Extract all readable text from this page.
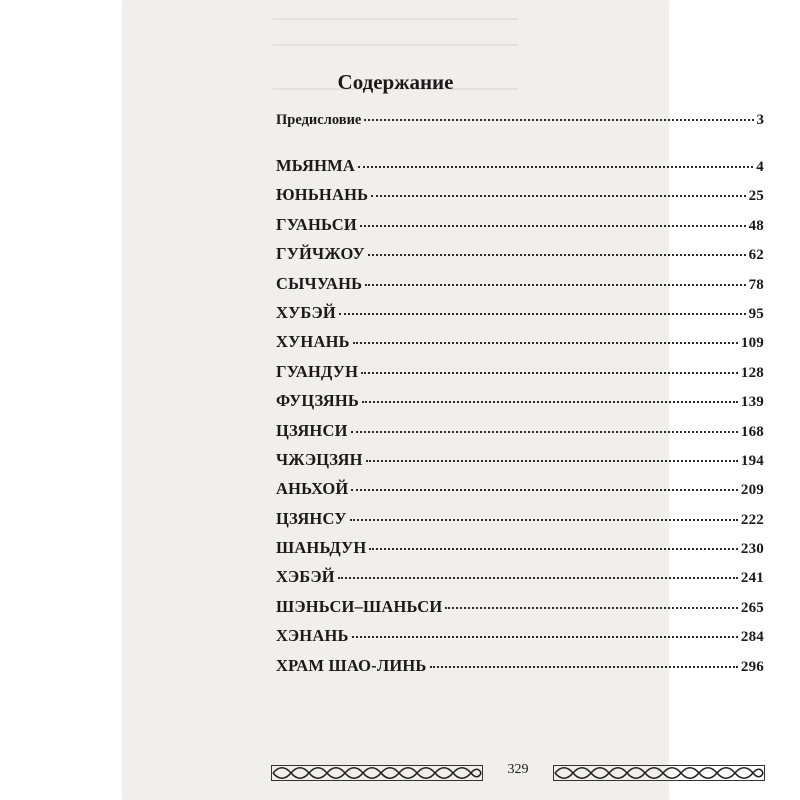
Содержание
Предисловие	3
МЬЯНМА	4
ЮНЬНАНЬ	25
ГУАНЬСИ	48
ГУЙЧЖОУ	62
СЫЧУАНЬ	78
ХУБЭЙ	95
ХУНАНЬ	109
ГУАНДУН	128
ФУЦЗЯНЬ	139
ЦЗЯНСИ	168
ЧЖЭЦЗЯН	194
АНЬХОЙ	209
ЦЗЯНСУ	222
ШАНЬДУН	230
ХЭБЭЙ	241
ШЭНЬСИ–ШАНЬСИ	265
ХЭНАНЬ	284
ХРАМ ШАО-ЛИНЬ	296
329
